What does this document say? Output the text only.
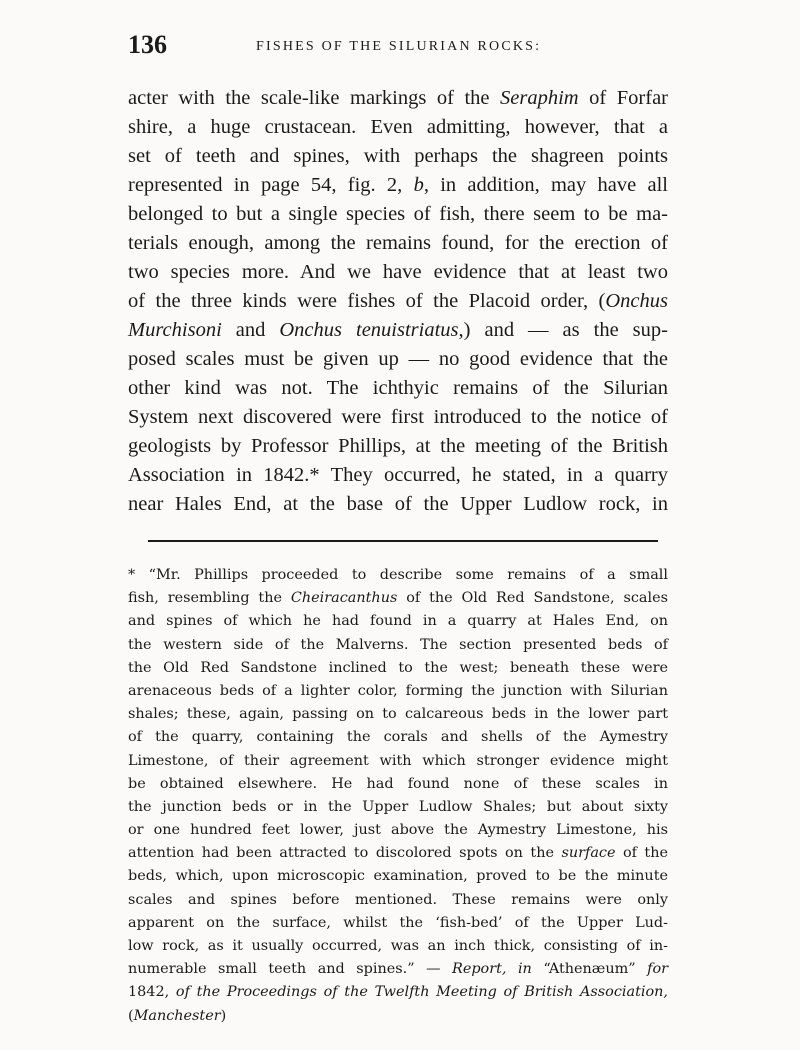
136	FISHES OF THE SILURIAN ROCKS:
acter with the scale-like markings of the Seraphim of Forfar
shire, a huge crustacean. Even admitting, however, that a
set of teeth and spines, with perhaps the shagreen points
represented in page 54, fig. 2, b, in addition, may have all
belonged to but a single species of fish, there seem to be ma-
terials enough, among the remains found, for the erection of
two species more. And we have evidence that at least two
of the three kinds were fishes of the Placoid order, (Onchus
Murchisoni and Onchus tenuistriatus,) and — as the sup-
posed scales must be given up — no good evidence that the
other kind was not. The ichthyic remains of the Silurian
System next discovered were first introduced to the notice of
geologists by Professor Phillips, at the meeting of the British
Association in 1842.* They occurred, he stated, in a quarry
near Hales End, at the base of the Upper Ludlow rock, in
* “Mr. Phillips proceeded to describe some remains of a small
fish, resembling the Cheiracanthus of the Old Red Sandstone, scales
and spines of which he had found in a quarry at Hales End, on
the western side of the Malverns. The section presented beds of
the Old Red Sandstone inclined to the west; beneath these were
arenaceous beds of a lighter color, forming the junction with Silurian
shales; these, again, passing on to calcareous beds in the lower part
of the quarry, containing the corals and shells of the Aymestry
Limestone, of their agreement with which stronger evidence might
be obtained elsewhere. He had found none of these scales in
the junction beds or in the Upper Ludlow Shales; but about sixty
or one hundred feet lower, just above the Aymestry Limestone, his
attention had been attracted to discolored spots on the surface of the
beds, which, upon microscopic examination, proved to be the minute
scales and spines before mentioned. These remains were only
apparent on the surface, whilst the ‘fish-bed’ of the Upper Lud-
low rock, as it usually occurred, was an inch thick, consisting of in-
numerable small teeth and spines.” — Report, in “Athenæum” for
1842, of the Proceedings of the Twelfth Meeting of British Association,
(Manchester)
